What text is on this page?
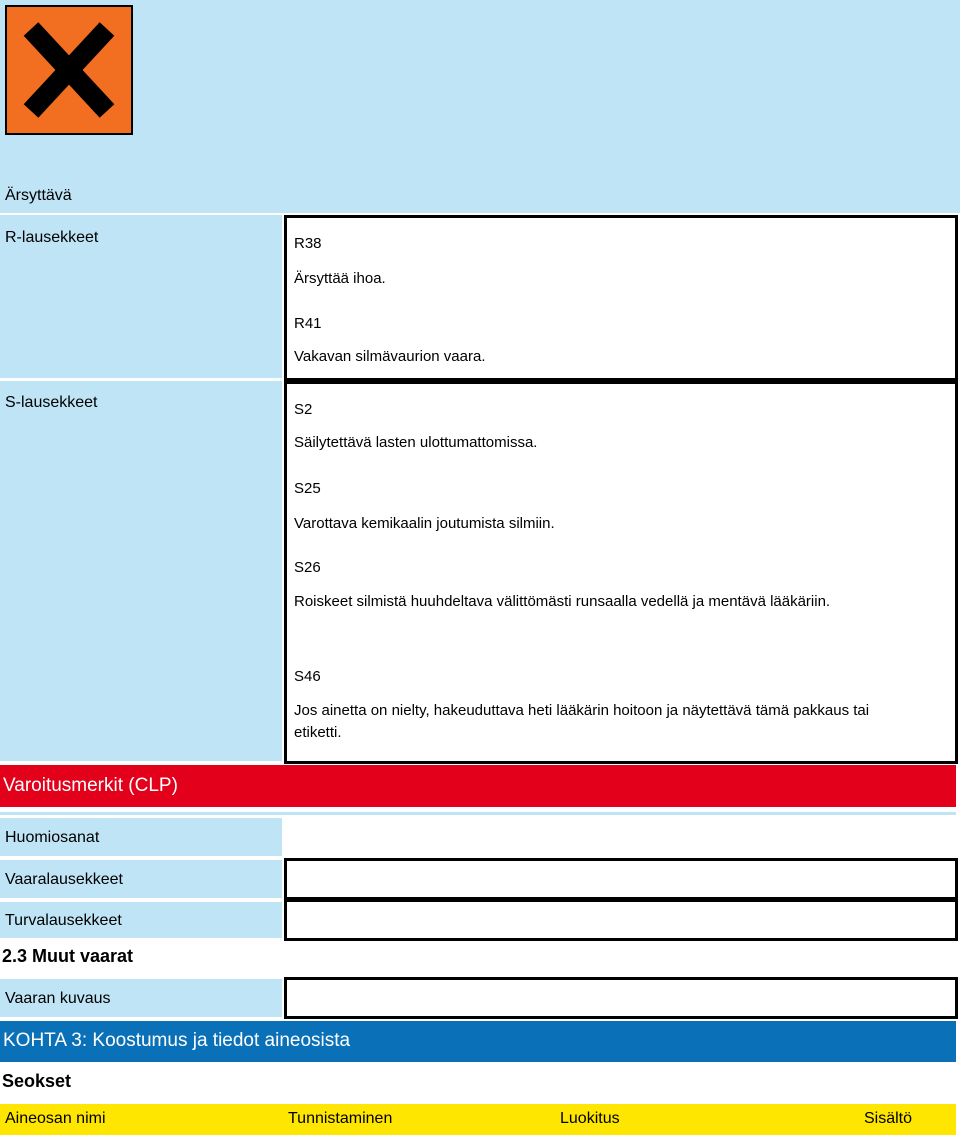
Ärsyttävä
R-lausekkeet	R38
Ärsyttää ihoa.
R41
Vakavan silmävaurion vaara.
S-lausekkeet	S2
Säilytettävä lasten ulottumattomissa.
S25
Varottava kemikaalin joutumista silmiin.
S26
Roiskeet silmistä huuhdeltava välittömästi runsaalla vedellä ja mentävä lääkäriin.
S46
Jos ainetta on nielty, hakeuduttava heti lääkärin hoitoon ja näytettävä tämä pakkaus tai etiketti.
Varoitusmerkit (CLP)
Huomiosanat
Vaaralausekkeet
Turvalausekkeet
2.3 Muut vaarat
Vaaran kuvaus
KOHTA 3: Koostumus ja tiedot aineosista
Seokset
Aineosan nimi	Tunnistaminen	Luokitus	Sisältö
